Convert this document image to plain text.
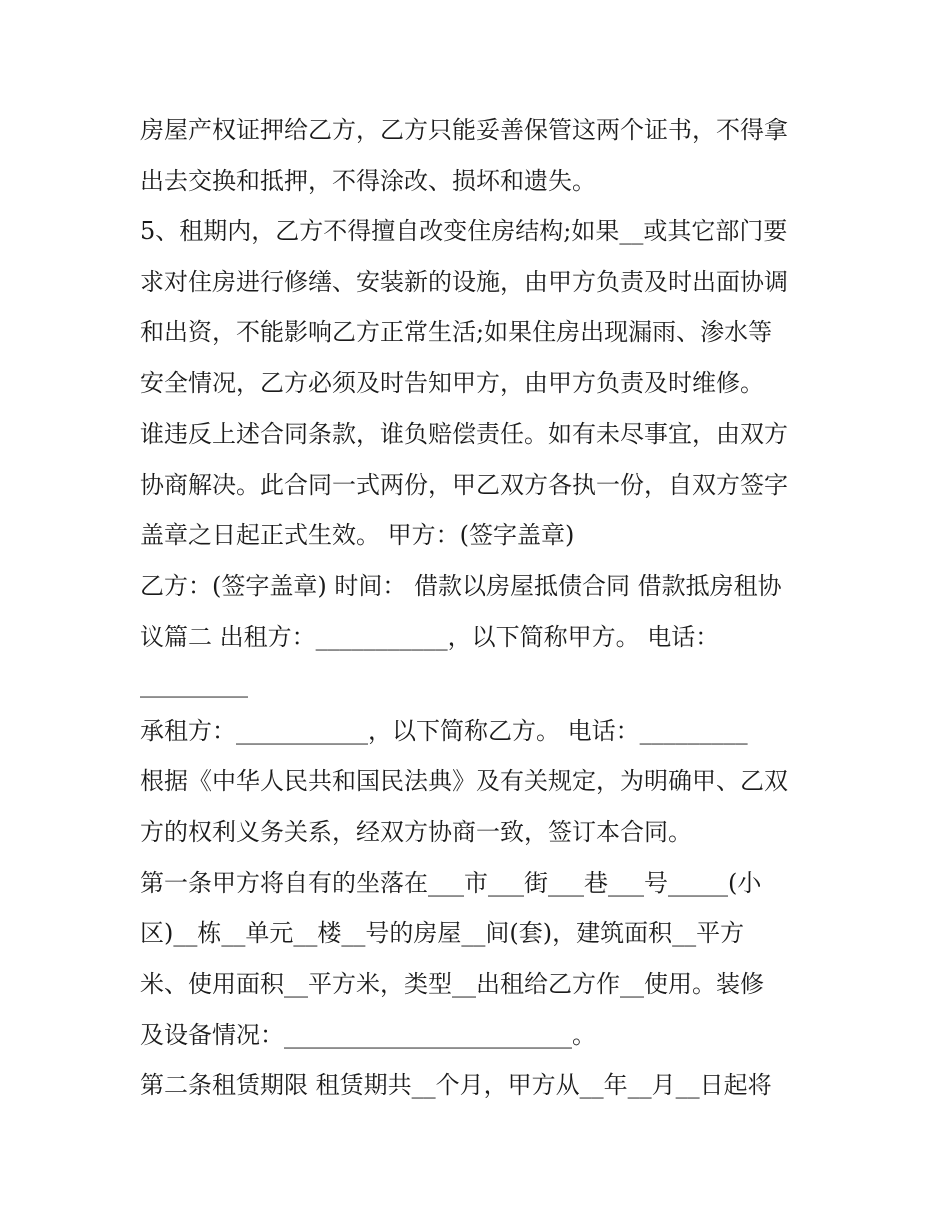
房屋产权证押给乙方，乙方只能妥善保管这两个证书，不得拿
出去交换和抵押，不得涂改、损坏和遗失。
5、租期内，乙方不得擅自改变住房结构;如果__或其它部门要
求对住房进行修缮、安装新的设施，由甲方负责及时出面协调
和出资，不能影响乙方正常生活;如果住房出现漏雨、渗水等
安全情况，乙方必须及时告知甲方，由甲方负责及时维修。
谁违反上述合同条款，谁负赔偿责任。如有未尽事宜，由双方
协商解决。此合同一式两份，甲乙双方各执一份，自双方签字
盖章之日起正式生效。 甲方：(签字盖章)
乙方：(签字盖章) 时间： 借款以房屋抵债合同 借款抵房租协
议篇二 出租方：___________，以下简称甲方。 电话：
_________
承租方：___________，以下简称乙方。 电话：_________
根据《中华人民共和国民法典》及有关规定，为明确甲、乙双
方的权利义务关系，经双方协商一致，签订本合同。
第一条甲方将自有的坐落在___市___街___巷___号_____(小
区)__栋__单元__楼__号的房屋__间(套)，建筑面积__平方
米、使用面积__平方米，类型__出租给乙方作__使用。装修
及设备情况：________________________。
第二条租赁期限 租赁期共__个月，甲方从__年__月__日起将
